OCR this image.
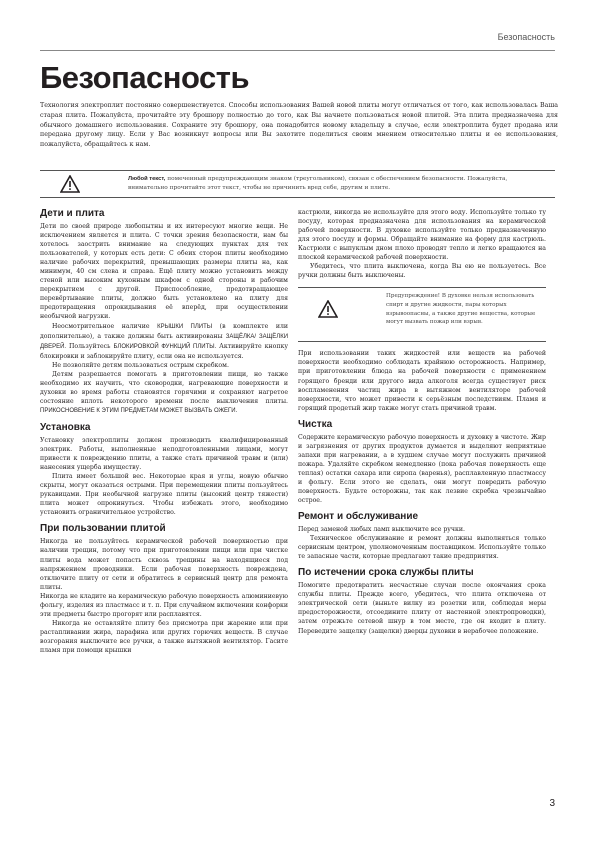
Безопасность
Безопасность

Технология электроплит постоянно совершенствуется. Способы использования Вашей новой плиты могут отличаться от того, как использовалась Ваша старая плита. Пожалуйста, прочитайте эту брошюру полностью до того, как Вы начнете пользоваться новой плитой. Эта плита предназначена для обычного домашнего использования. Сохраните эту брошюру, она понадобится новому владельцу в случае, если электроплита будет продана или передана другому лицу. Если у Вас возникнут вопросы или Вы захотите поделиться своим мнением относительно плиты и ее использования, пожалуйста, обращайтесь к нам.

Любой текст, помеченный предупреждающим знаком (треугольником), связан с обеспечением безопасности. Пожалуйста, внимательно прочитайте этот текст, чтобы не причинить вред себе, другим и плите.

Дети и плита

Дети по своей природе любопытны и их интересуют многие вещи. Не исключением является и плита. С точки зрения безопасности, нам бы хотелось заострить внимание на следующих пунктах для тех пользователей, у которых есть дети: С обеих сторон плиты необходимо наличие рабочих перекрытий, превышающих размеры плиты на, как минимум, 40 см слева и справа. Ещё плиту можно установить между стеной или высоким кухонным шкафом с одной стороны и рабочим перекрытием с другой. Приспособление, предотвращающее перевёртывание плиты, должно быть установлено на плиту для предотвращения опрокидывания её вперёд, при осуществлении необычной нагрузки.

Неосмотрительное наличие КРЫШКИ ПЛИТЫ (в комплекте или дополнительно), а также должны быть активированы ЗАЩЁЛКА/ ЗАЩЁЛКИ ДВЕРЕЙ. Пользуйтесь БЛОКИРОВКОЙ ФУНКЦИЙ ПЛИТЫ. Активируйте кнопку блокировки и заблокируйте плиту, если она не используется.

Не позволяйте детям пользоваться острым скребком.

Детям разрешается помогать в приготовлении пищи, но также необходимо их научить, что сковородки, нагревающие поверхности и духовки во время работы становятся горячими и сохраняют нагретое состояние вплоть некоторого времени после выключения плиты. ПРИКОСНОВЕНИЕ К ЭТИМ ПРЕДМЕТАМ МОЖЕТ ВЫЗВАТЬ ОЖЕГИ.

Установка

Установку электроплиты должен производить квалифицированный электрик. Работы, выполненные неподготовленными лицами, могут привести к повреждению плиты, а также стать причиной травм и (или) нанесения ущерба имуществу.

Плита имеет большой вес. Некоторые края и углы, новую обычно скрыты, могут оказаться острыми. При перемещении плиты пользуйтесь рукавицами. При необычной нагрузке плиты (высокий центр тяжести) плита может опрокинуться. Чтобы избежать этого, необходимо установить ограничительное устройство.

При пользовании плитой

Никогда не пользуйтесь керамической рабочей поверхностью при наличии трещин, потому что при приготовлении пищи или при чистке плиты вода может попасть сквозь трещины на находящиеся под напряжением проводники. Если рабочая поверхность повреждена, отключите плиту от сети и обратитесь в сервисный центр для ремонта плиты.

Никогда не кладите на керамическую рабочую поверхность алюминиевую фольгу, изделия из пластмасс и т. п. При случайном включении конфорки эти предметы быстро прогорят или расплавятся.

Никогда не оставляйте плиту без присмотра при жарение или при растапливании жира, парафина или других горючих веществ. В случае возгорания выключите все ручки, а также вытяжной вентилятор. Гасите пламя при помощи крышки

кастрюли, никогда не используйте для этого воду. Используйте только ту посуду, которая предназначена для использования на керамической рабочей поверхности. В духовке используйте только предназначенную для этого посуду и формы. Обращайте внимание на форму для кастрюль. Кастрюли с выпуклым дном плохо проводят тепло и легко вращаются на плоской керамической рабочей поверхности.

Убедитесь, что плита выключена, когда Вы ею не пользуетесь. Все ручки должны быть выключены.

Предупреждение! В духовке нельзя использовать спирт и другие жидкости, пары которых взрывоопасны, а также другие вещества, которые могут вызвать пожар или взрыв.

При использовании таких жидкостей или веществ на рабочей поверхности необходимо соблюдать крайнюю осторожность. Например, при приготовлении блюда на рабочей поверхности с применением горящего бренди или другого вида алкоголя всегда существует риск воспламенения частиц жира в вытяжном вентиляторе рабочей поверхности, что может привести к серьёзным последствиям. Пламя и горящий продетый жир также могут стать причиной травм.

Чистка

Содержите керамическую рабочую поверхность и духовку в чистоте. Жир и загрязнения от других продуктов думается и выделяют неприятные запахи при нагревании, а в худшем случае могут послужить причиной пожара. Удаляйте скребком немедленно (пока рабочая поверхность еще теплая) остатки сахара или сиропа (варенья), расплавленную пластмассу и фольгу. Если этого не сделать, они могут повредить рабочую поверхность. Будьте осторожны, так как лезвие скребка чрезвычайно острое.

Ремонт и обслуживание

Перед заменой любых ламп выключите все ручки.

Техническое обслуживание и ремонт должны выполняться только сервисным центром, уполномоченным поставщиком. Используйте только те запасные части, которые предлагают такие предприятия.

По истечении срока службы плиты

Помогите предотвратить несчастные случаи после окончания срока службы плиты. Прежде всего, убедитесь, что плита отключена от электрической сети (выньте вилку из розетки или, соблюдая меры предосторожности, отсоедините плиту от настенной электропроводки), затем отрежьте сетевой шнур в том месте, где он входит в плиту. Переведите защелку (защелки) дверцы духовки в нерабочее положение.

3
